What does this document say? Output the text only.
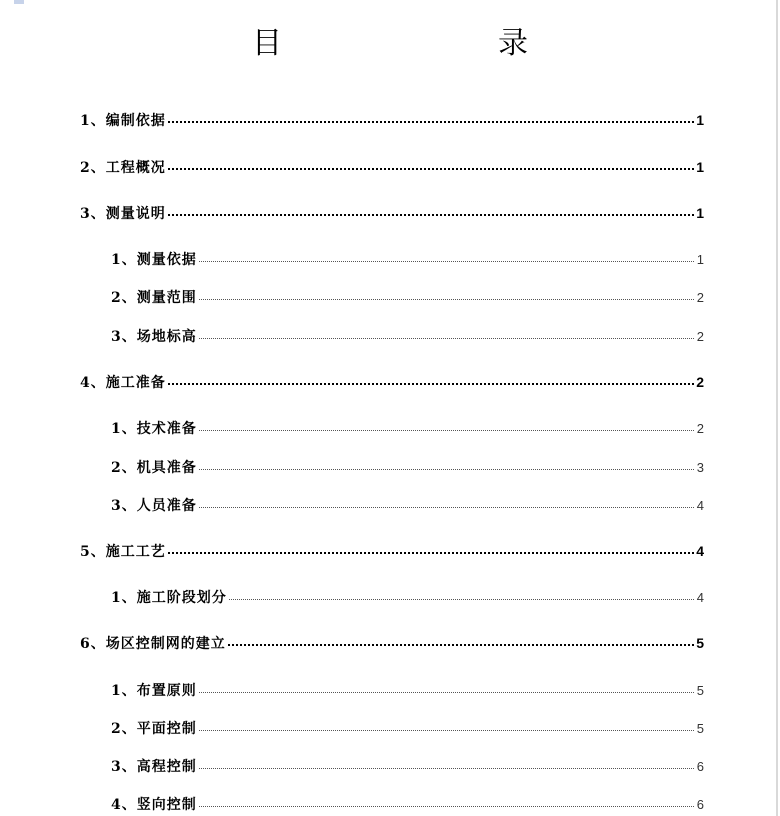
目　　录
1、编制依据	1
2、工程概况	1
3、测量说明	1
1、测量依据	1
2、测量范围	2
3、场地标高	2
4、施工准备	2
1、技术准备	2
2、机具准备	3
3、人员准备	4
5、施工工艺	4
1、施工阶段划分	4
6、场区控制网的建立	5
1、布置原则	5
2、平面控制	5
3、高程控制	6
4、竖向控制	6
